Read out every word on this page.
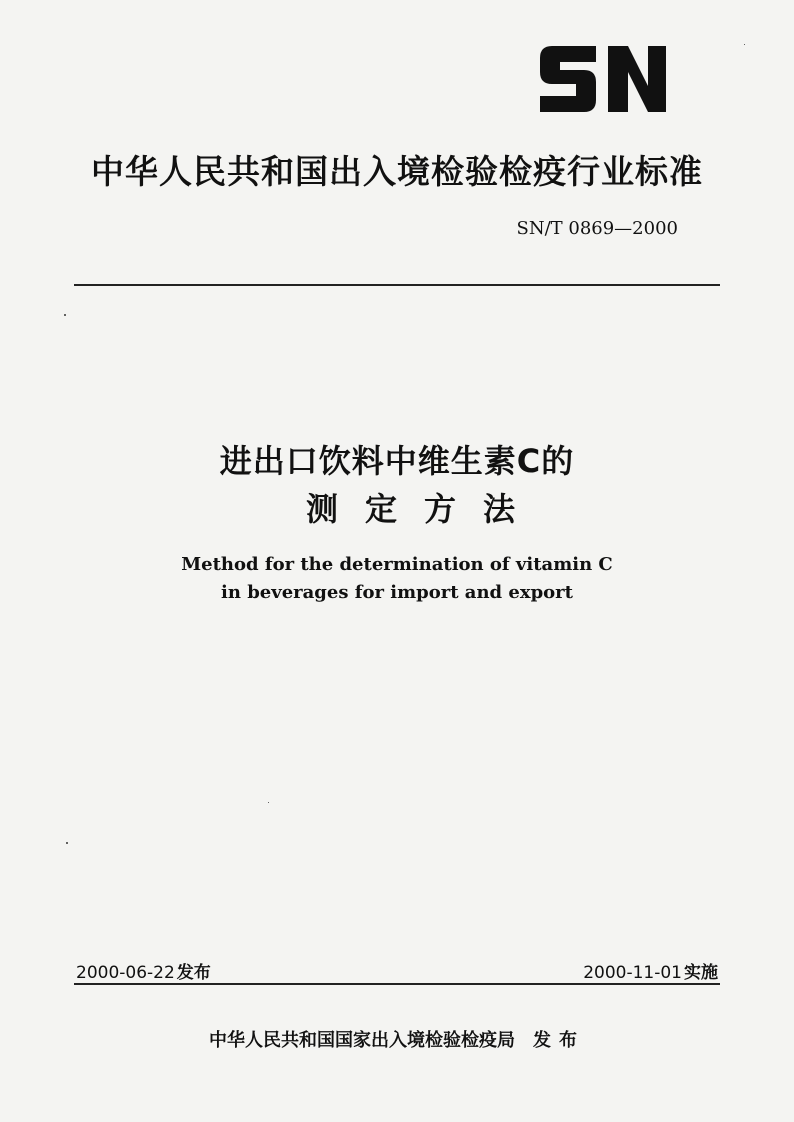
中华人民共和国出入境检验检疫行业标准
SN/T 0869—2000
进出口饮料中维生素C的
测定方法
Method for the determination of vitamin C
in beverages for import and export
2000-06-22 发布	2000-11-01 实施
中华人民共和国国家出入境检验检疫局 发布
